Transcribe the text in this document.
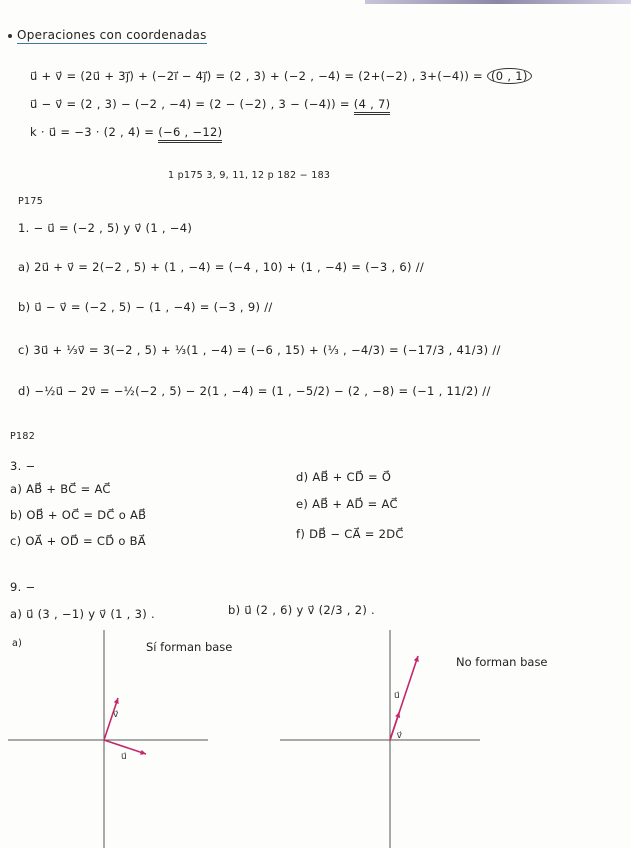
Operaciones con coordenadas
u⃗ + v⃗ = (2u⃗ + 3j⃗) + (−2i⃗ − 4j⃗) = (2 , 3) + (−2 , −4) = (2+(−2) , 3+(−4)) = (0 , 1)
u⃗ − v⃗ = (2 , 3) − (−2 , −4) = (2 − (−2) , 3 − (−4)) = (4 , 7)
k · u⃗ = −3 · (2 , 4) = (−6 , −12)
1 p175 3, 9, 11, 12 p 182 − 183
P175
1. − u⃗ = (−2 , 5) y v⃗ (1 , −4)
a) 2u⃗ + v⃗ = 2(−2 , 5) + (1 , −4) = (−4 , 10) + (1 , −4) = (−3 , 6) //
b) u⃗ − v⃗ = (−2 , 5) − (1 , −4) = (−3 , 9) //
c) 3u⃗ + ⅓v⃗ = 3(−2 , 5) + ⅓(1 , −4) = (−6 , 15) + (⅓ , −4/3) = (−17/3 , 41/3) //
d) −½u⃗ − 2v⃗ = −½(−2 , 5) − 2(1 , −4) = (1 , −5/2) − (2 , −8) = (−1 , 11/2) //
P182
3. −
a) AB⃗ + BC⃗ = AC⃗
b) OB⃗ + OC⃗ = DC⃗ o AB⃗
c) OA⃗ + OD⃗ = CD⃗ o BA⃗
d) AB⃗ + CD⃗ = O⃗
e) AB⃗ + AD⃗ = AC⃗
f) DB⃗ − CA⃗ = 2DC⃗
9. −
a) u⃗ (3 , −1) y v⃗ (1 , 3) .	b) u⃗ (2 , 6) y v⃗ (2/3 , 2) .
a)	Sí forman base
No forman base
u⃗
v⃗
u⃗
v⃗
